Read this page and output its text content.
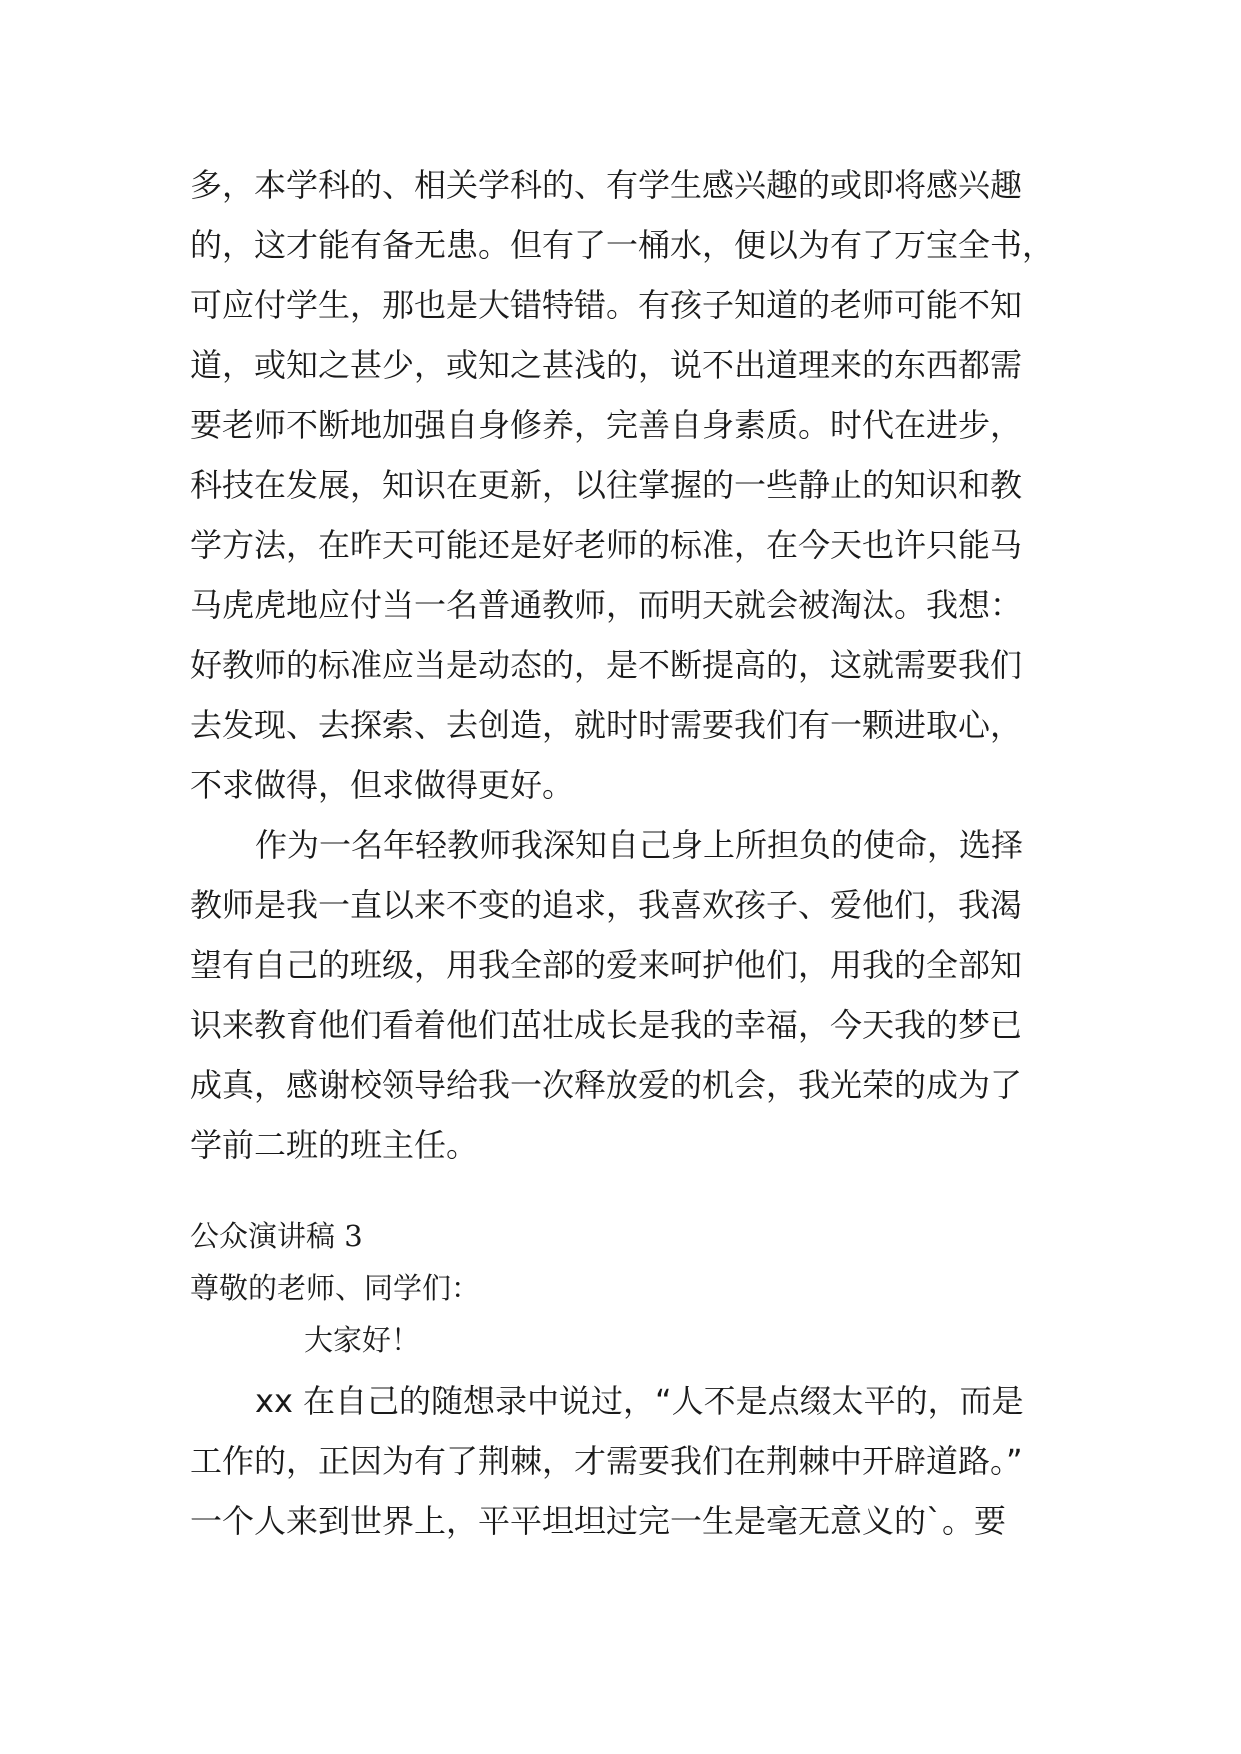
多，本学科的、相关学科的、有学生感兴趣的或即将感兴趣

的，这才能有备无患。但有了一桶水，便以为有了万宝全书，

可应付学生，那也是大错特错。有孩子知道的老师可能不知

道，或知之甚少，或知之甚浅的，说不出道理来的东西都需

要老师不断地加强自身修养，完善自身素质。时代在进步，

科技在发展，知识在更新，以往掌握的一些静止的知识和教

学方法，在昨天可能还是好老师的标准，在今天也许只能马

马虎虎地应付当一名普通教师，而明天就会被淘汰。我想：

好教师的标准应当是动态的，是不断提高的，这就需要我们

去发现、去探索、去创造，就时时需要我们有一颗进取心，

不求做得，但求做得更好。

作为一名年轻教师我深知自己身上所担负的使命，选择

教师是我一直以来不变的追求，我喜欢孩子、爱他们，我渴

望有自己的班级，用我全部的爱来呵护他们，用我的全部知

识来教育他们看着他们茁壮成长是我的幸福，今天我的梦已

成真，感谢校领导给我一次释放爱的机会，我光荣的成为了

学前二班的班主任。

公众演讲稿 3

尊敬的老师、同学们：

大家好！

xx 在自己的随想录中说过，“人不是点缀太平的，而是

工作的，正因为有了荆棘，才需要我们在荆棘中开辟道路。”

一个人来到世界上，平平坦坦过完一生是毫无意义的`。要
